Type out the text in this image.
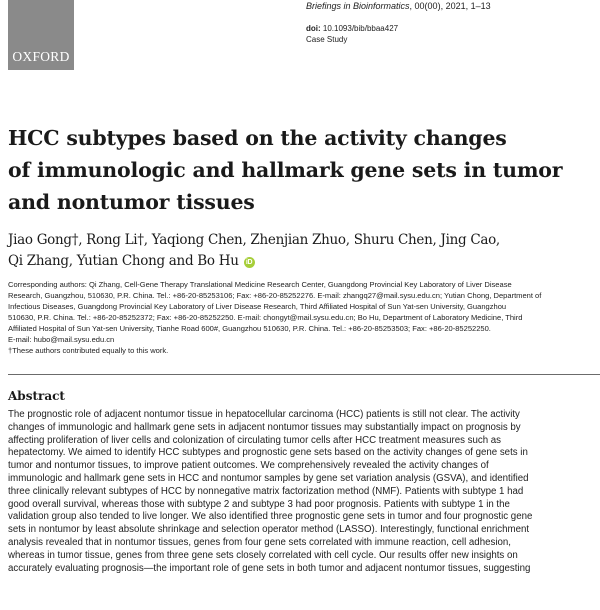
OXFORD
Briefings in Bioinformatics, 00(00), 2021, 1–13
doi: 10.1093/bib/bbaa427
Case Study
HCC subtypes based on the activity changes
of immunologic and hallmark gene sets in tumor
and nontumor tissues
Jiao Gong†, Rong Li†, Yaqiong Chen, Zhenjian Zhuo, Shuru Chen, Jing Cao,
Qi Zhang, Yutian Chong and Bo Hu iD

Corresponding authors: Qi Zhang, Cell-Gene Therapy Translational Medicine Research Center, Guangdong Provincial Key Laboratory of Liver Disease

Research, Guangzhou, 510630, P.R. China. Tel.: +86-20-85253106; Fax: +86-20-85252276. E-mail: zhangq27@mail.sysu.edu.cn; Yutian Chong, Department of

Infectious Diseases, Guangdong Provincial Key Laboratory of Liver Disease Research, Third Affiliated Hospital of Sun Yat-sen University, Guangzhou

510630, P.R. China. Tel.: +86-20-85252372; Fax: +86-20-85252250. E-mail: chongyt@mail.sysu.edu.cn; Bo Hu, Department of Laboratory Medicine, Third

Affiliated Hospital of Sun Yat-sen University, Tianhe Road 600#, Guangzhou 510630, P.R. China. Tel.: +86-20-85253503; Fax: +86-20-85252250.

E-mail: hubo@mail.sysu.edu.cn

†These authors contributed equally to this work.

Abstract

The prognostic role of adjacent nontumor tissue in hepatocellular carcinoma (HCC) patients is still not clear. The activity

changes of immunologic and hallmark gene sets in adjacent nontumor tissues may substantially impact on prognosis by

affecting proliferation of liver cells and colonization of circulating tumor cells after HCC treatment measures such as

hepatectomy. We aimed to identify HCC subtypes and prognostic gene sets based on the activity changes of gene sets in

tumor and nontumor tissues, to improve patient outcomes. We comprehensively revealed the activity changes of

immunologic and hallmark gene sets in HCC and nontumor samples by gene set variation analysis (GSVA), and identified

three clinically relevant subtypes of HCC by nonnegative matrix factorization method (NMF). Patients with subtype 1 had

good overall survival, whereas those with subtype 2 and subtype 3 had poor prognosis. Patients with subtype 1 in the

validation group also tended to live longer. We also identified three prognostic gene sets in tumor and four prognostic gene

sets in nontumor by least absolute shrinkage and selection operator method (LASSO). Interestingly, functional enrichment

analysis revealed that in nontumor tissues, genes from four gene sets correlated with immune reaction, cell adhesion,

whereas in tumor tissue, genes from three gene sets closely correlated with cell cycle. Our results offer new insights on

accurately evaluating prognosis—the important role of gene sets in both tumor and adjacent nontumor tissues, suggesting
